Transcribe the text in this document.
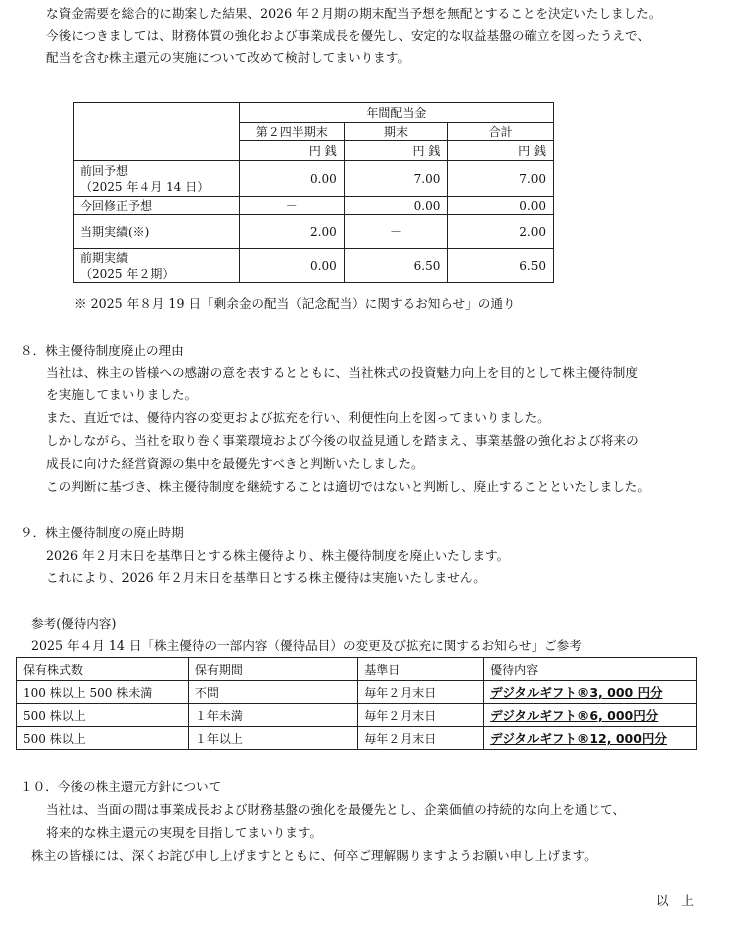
な資金需要を総合的に勘案した結果、2026 年２月期の期末配当予想を無配とすることを決定いたしました。
今後につきましては、財務体質の強化および事業成長を優先し、安定的な収益基盤の確立を図ったうえで、
配当を含む株主還元の実施について改めて検討してまいります。
	年間配当金		
	第２四半期末	期末	合計
	円 銭	円 銭	円 銭
前回予想
（2025 年４月 14 日）	0.00	7.00	7.00
今回修正予想	－	0.00	0.00
当期実績(※)	2.00	－	2.00
前期実績
（2025 年２期）	0.00	6.50	6.50
※ 2025 年８月 19 日「剰余金の配当（記念配当）に関するお知らせ」の通り
８．株主優待制度廃止の理由
当社は、株主の皆様への感謝の意を表するとともに、当社株式の投資魅力向上を目的として株主優待制度
を実施してまいりました。
また、直近では、優待内容の変更および拡充を行い、利便性向上を図ってまいりました。
しかしながら、当社を取り巻く事業環境および今後の収益見通しを踏まえ、事業基盤の強化および将来の
成長に向けた経営資源の集中を最優先すべきと判断いたしました。
この判断に基づき、株主優待制度を継続することは適切ではないと判断し、廃止することといたしました。
９．株主優待制度の廃止時期
2026 年２月末日を基準日とする株主優待より、株主優待制度を廃止いたします。
これにより、2026 年２月末日を基準日とする株主優待は実施いたしません。
参考(優待内容)
2025 年４月 14 日「株主優待の一部内容（優待品目）の変更及び拡充に関するお知らせ」ご参考
保有株式数	保有期間	基準日	優待内容
100 株以上 500 株未満	不問	毎年２月末日	デジタルギフト®3, 000 円分
500 株以上	１年未満	毎年２月末日	デジタルギフト®6, 000円分
500 株以上	１年以上	毎年２月末日	デジタルギフト®12, 000円分
１０．今後の株主還元方針について
当社は、当面の間は事業成長および財務基盤の強化を最優先とし、企業価値の持続的な向上を通じて、
将来的な株主還元の実現を目指してまいります。
株主の皆様には、深くお詫び申し上げますとともに、何卒ご理解賜りますようお願い申し上げます。
以　上
